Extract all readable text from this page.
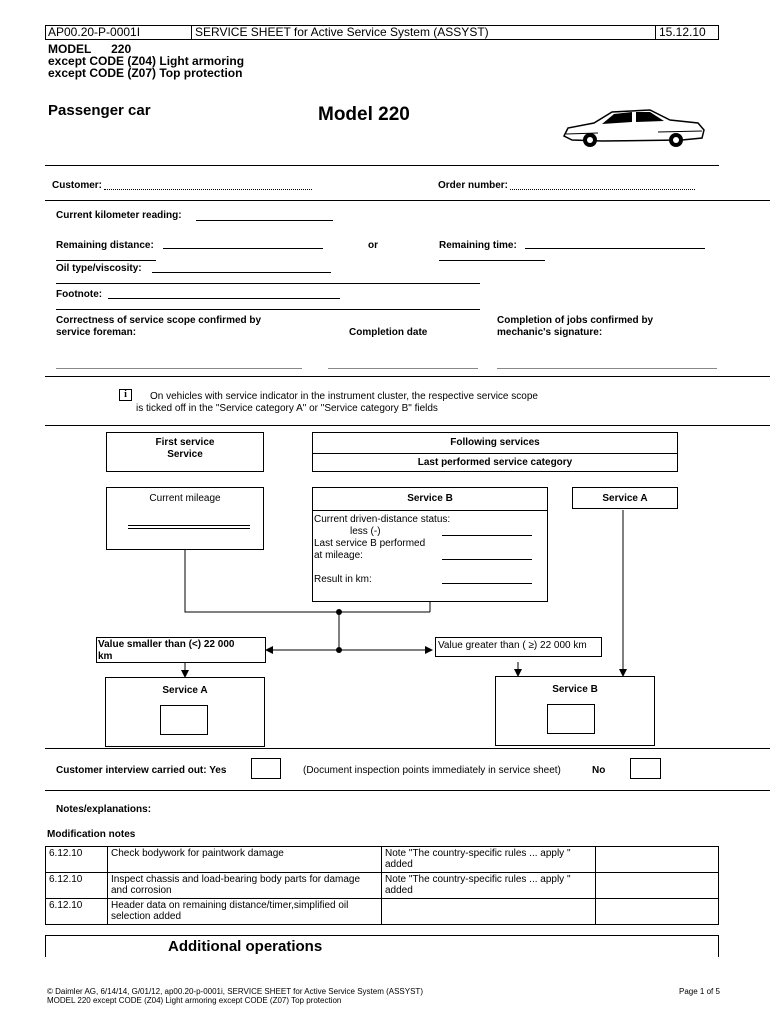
AP00.20-P-0001I	SERVICE SHEET for Active Service System (ASSYST)	15.12.10
MODEL      220
except CODE (Z04) Light armoring
except CODE (Z07) Top protection
Passenger car	Model 220
Customer:	Order number:
Current kilometer reading:
Remaining distance:	or	Remaining time:
Oil type/viscosity:
Footnote:
Correctness of service scope confirmed by
service foreman:	Completion date
Completion of jobs confirmed by
mechanic's signature:
i	On vehicles with service indicator in the instrument cluster, the respective service scope
is ticked off in the "Service category A" or "Service category B" fields
First service
Service
Following services
Last performed service category
Current mileage	Service B
Current driven-distance status:
less (-)
Last service B performed
at mileage:
Result in km:
Service A
Value smaller than (<) 22 000
km
Value greater than ( ≥) 22 000 km
Service A	Service B
Customer interview carried out: Yes	(Document inspection points immediately in service sheet)	No
Notes/explanations:
Modification notes
6.12.10	Check bodywork for paintwork damage	Note "The country-specific rules ... apply " added	
6.12.10	Inspect chassis and load-bearing body parts for damage and corrosion	Note "The country-specific rules ... apply " added	
6.12.10	Header data on remaining distance/timer,simplified oil selection added		
Additional operations
© Daimler AG, 6/14/14, G/01/12, ap00.20-p-0001i, SERVICE SHEET for Active Service System (ASSYST)
MODEL 220 except CODE (Z04) Light armoring except CODE (Z07) Top protection
Page 1 of 5
